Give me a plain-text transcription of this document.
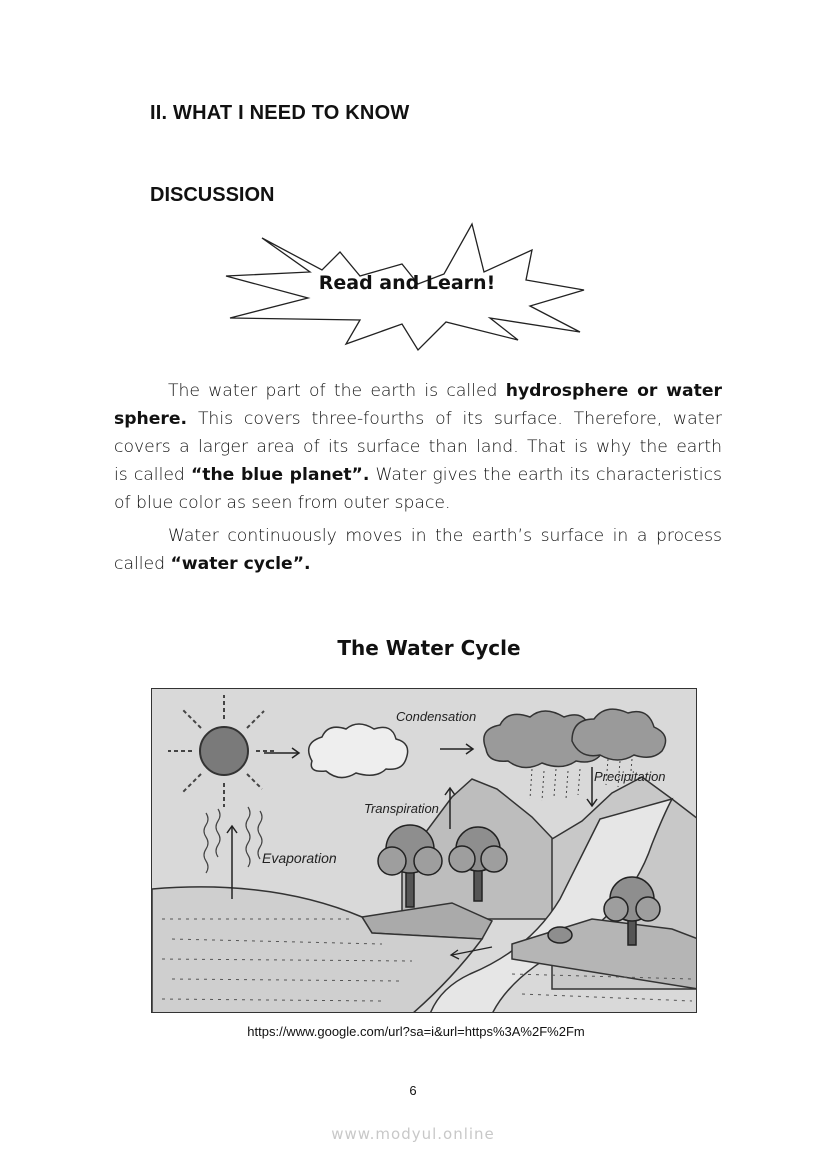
II. WHAT I NEED TO KNOW
DISCUSSION
Read and Learn!
The water part of the earth is called hydrosphere or water
sphere. This covers three-fourths of its surface. Therefore, water
covers a larger area of its surface than land. That is why the earth
is called “the blue planet”. Water gives the earth its characteristics
of blue color as seen from outer space.
Water continuously moves in the earth’s surface in a process
called “water cycle”.
The Water Cycle
Condensation
Precipitation
Transpiration
Evaporation
https://www.google.com/url?sa=i&url=https%3A%2F%2Fm
6
www.modyul.online
